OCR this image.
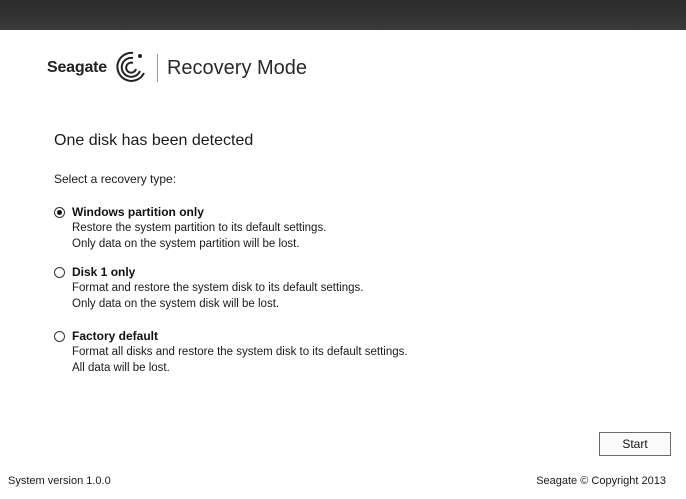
Seagate	Recovery Mode
One disk has been detected
Select a recovery type:
Windows partition only
Restore the system partition to its default settings.
Only data on the system partition will be lost.
Disk 1 only
Format and restore the system disk to its default settings.
Only data on the system disk will be lost.
Factory default
Format all disks and restore the system disk to its default settings.
All data will be lost.
Start
System version 1.0.0	Seagate © Copyright 2013
